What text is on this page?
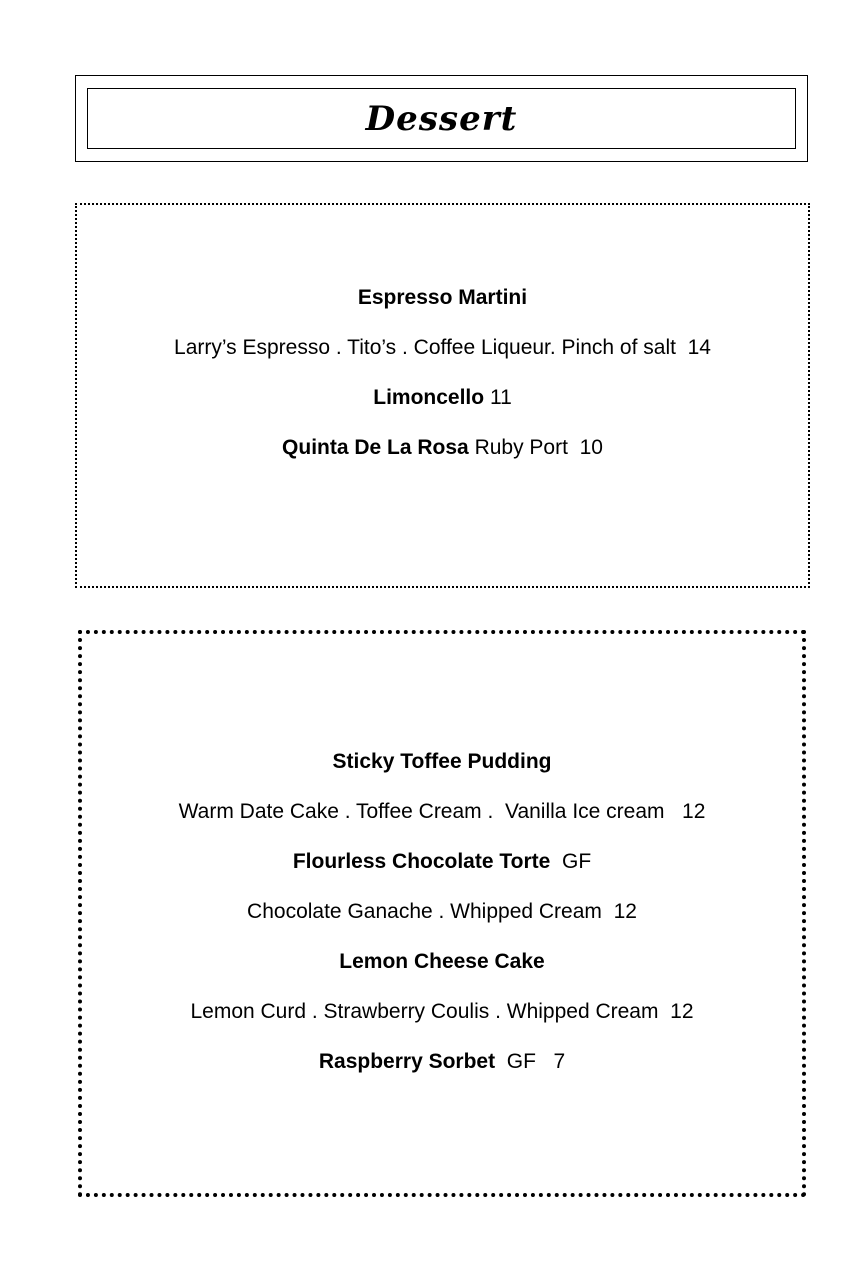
Dessert
Espresso Martini
Larry’s Espresso . Tito’s . Coffee Liqueur. Pinch of salt  14
Limoncello 11
Quinta De La Rosa Ruby Port  10
Sticky Toffee Pudding
Warm Date Cake . Toffee Cream .  Vanilla Ice cream   12
Flourless Chocolate Torte  GF
Chocolate Ganache . Whipped Cream  12
Lemon Cheese Cake
Lemon Curd . Strawberry Coulis . Whipped Cream  12
Raspberry Sorbet  GF   7
